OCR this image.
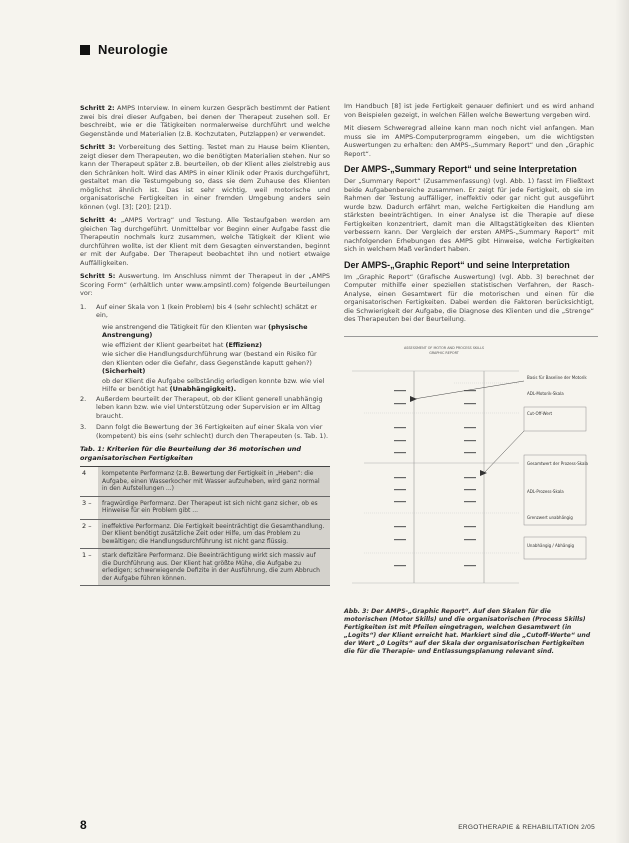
Neurologie

Schritt 2: AMPS Interview. In einem kurzen Gespräch bestimmt der Patient zwei bis drei dieser Aufgaben, bei denen der Therapeut zusehen soll. Er beschreibt, wie er die Tätigkeiten normalerweise durchführt und welche Gegenstände und Materialien (z.B. Kochzutaten, Putzlappen) er verwendet.

Schritt 3: Vorbereitung des Setting. Testet man zu Hause beim Klienten, zeigt dieser dem Therapeuten, wo die benötigten Materialien stehen. Nur so kann der Therapeut später z.B. beurteilen, ob der Klient alles zielstrebig aus den Schränken holt. Wird das AMPS in einer Klinik oder Praxis durchgeführt, gestaltet man die Testumgebung so, dass sie dem Zuhause des Klienten möglichst ähnlich ist. Das ist sehr wichtig, weil motorische und organisatorische Fertigkeiten in einer fremden Umgebung anders sein können (vgl. [3]; [20]; [21]).

Schritt 4: „AMPS Vortrag“ und Testung. Alle Testaufgaben werden am gleichen Tag durchgeführt. Unmittelbar vor Beginn einer Aufgabe fasst die Therapeutin nochmals kurz zusammen, welche Tätigkeit der Klient wie durchführen wollte, ist der Klient mit dem Gesagten einverstanden, beginnt er mit der Aufgabe. Der Therapeut beobachtet ihn und notiert etwaige Auffälligkeiten.

Schritt 5: Auswertung. Im Anschluss nimmt der Therapeut in der „AMPS Scoring Form“ (erhältlich unter www.ampsintl.com) folgende Beurteilungen vor:

1.	Auf einer Skala von 1 (kein Problem) bis 4 (sehr schlecht) schätzt er ein,
wie anstrengend die Tätigkeit für den Klienten war (physische Anstrengung)
wie effizient der Klient gearbeitet hat (Effizienz)
wie sicher die Handlungsdurchführung war (bestand ein Risiko für den Klienten oder die Gefahr, dass Gegenstände kaputt gehen?) (Sicherheit)
ob der Klient die Aufgabe selbständig erledigen konnte bzw. wie viel Hilfe er benötigt hat (Unabhängigkeit).
2.	Außerdem beurteilt der Therapeut, ob der Klient generell unabhängig leben kann bzw. wie viel Unterstützung oder Supervision er im Alltag braucht.
3.	Dann folgt die Bewertung der 36 Fertigkeiten auf einer Skala von vier (kompetent) bis eins (sehr schlecht) durch den Therapeuten (s. Tab. 1).
Tab. 1: Kriterien für die Beurteilung der 36 motorischen und organisatorischen Fertigkeiten
4	kompetente Performanz (z.B. Bewertung der Fertigkeit in „Heben“: die Aufgabe, einen Wasserkocher mit Wasser aufzuheben, wird ganz normal in den Aufstellungen ...)
3 –	fragwürdige Performanz. Der Therapeut ist sich nicht ganz sicher, ob es Hinweise für ein Problem gibt ...
2 –	ineffektive Performanz. Die Fertigkeit beeinträchtigt die Gesamthandlung. Der Klient benötigt zusätzliche Zeit oder Hilfe, um das Problem zu bewältigen; die Handlungsdurchführung ist nicht ganz flüssig.
1 –	stark defizitäre Performanz. Die Beeinträchtigung wirkt sich massiv auf die Durchführung aus. Der Klient hat größte Mühe, die Aufgabe zu erledigen; schwerwiegende Defizite in der Ausführung, die zum Abbruch der Aufgabe führen können.

Im Handbuch [8] ist jede Fertigkeit genauer definiert und es wird anhand von Beispielen gezeigt, in welchen Fällen welche Bewertung vergeben wird.

Mit diesem Schweregrad alleine kann man noch nicht viel anfangen. Man muss sie im AMPS-Computerprogramm eingeben, um die wichtigsten Auswertungen zu erhalten: den AMPS-„Summary Report“ und den „Graphic Report“.

Der AMPS-„Summary Report“ und seine Interpretation

Der „Summary Report“ (Zusammenfassung) (vgl. Abb. 1) fasst im Fließtext beide Aufgabenbereiche zusammen. Er zeigt für jede Fertigkeit, ob sie im Rahmen der Testung auffälliger, ineffektiv oder gar nicht gut ausgeführt wurde bzw. Dadurch erfährt man, welche Fertigkeiten die Handlung am stärksten beeinträchtigen. In einer Analyse ist die Therapie auf diese Fertigkeiten konzentriert, damit man die Alltagstätigkeiten des Klienten verbessern kann. Der Vergleich der ersten AMPS-„Summary Report“ mit nachfolgenden Erhebungen des AMPS gibt Hinweise, welche Fertigkeiten sich in welchem Maß verändert haben.

Der AMPS-„Graphic Report“ und seine Interpretation

Im „Graphic Report“ (Grafische Auswertung) (vgl. Abb. 3) berechnet der Computer mithilfe einer speziellen statistischen Verfahren, der Rasch-Analyse, einen Gesamtwert für die motorischen und einen für die organisatorischen Fertigkeiten. Dabei werden die Faktoren berücksichtigt, die Schwierigkeit der Aufgabe, die Diagnose des Klienten und die „Strenge“ des Therapeuten bei der Beurteilung.

ASSESSMENT OF MOTOR AND PROCESS SKILLS
GRAPHIC REPORT
Basis für Baseline der Motorik
ADL-Motorik-Skala
Cut-Off-Wert
Gesamtwert der Prozess-Skala
ADL-Prozess-Skala
Grenzwert unabhängig
Unabhängig / Abhängig
Abb. 3: Der AMPS-„Graphic Report“. Auf den Skalen für die motorischen (Motor Skills) und die organisatorischen (Process Skills) Fertigkeiten ist mit Pfeilen eingetragen, welchen Gesamtwert (in „Logits“) der Klient erreicht hat. Markiert sind die „Cutoff-Werte“ und der Wert „0 Logits“ auf der Skala der organisatorischen Fertigkeiten die für die Therapie- und Entlassungsplanung relevant sind.
8	ERGOTHERAPIE & REHABILITATION 2/05
